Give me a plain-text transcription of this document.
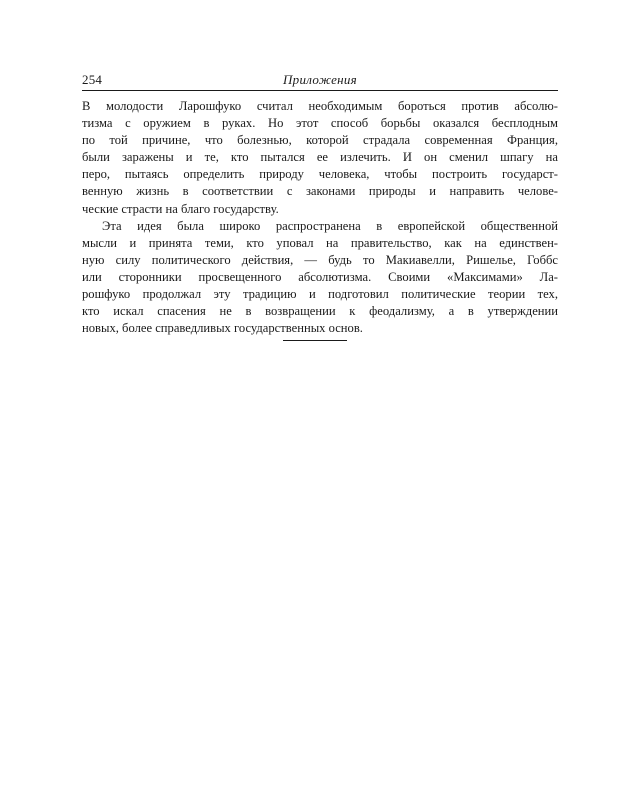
254	Приложения
В молодости Ларошфуко считал необходимым бороться против абсолю-
тизма с оружием в руках. Но этот способ борьбы оказался бесплодным
по той причине, что болезнью, которой страдала современная Франция,
были заражены и те, кто пытался ее излечить. И он сменил шпагу на
перо, пытаясь определить природу человека, чтобы построить государст-
венную жизнь в соответствии с законами природы и направить челове-
ческие страсти на благо государству.
Эта идея была широко распространена в европейской общественной
мысли и принята теми, кто уповал на правительство, как на единствен-
ную силу политического действия, — будь то Макиавелли, Ришелье, Гоббс
или сторонники просвещенного абсолютизма. Своими «Максимами» Ла-
рошфуко продолжал эту традицию и подготовил политические теории тех,
кто искал спасения не в возвращении к феодализму, а в утверждении
новых, более справедливых государственных основ.
